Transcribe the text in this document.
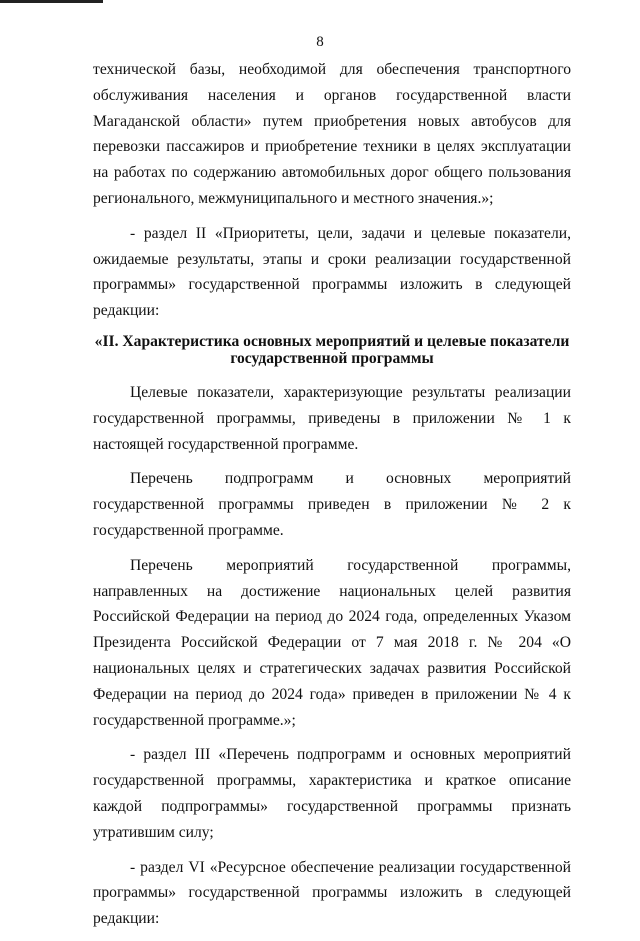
8

технической базы, необходимой для обеспечения транспортного обслуживания населения и органов государственной власти Магаданской области» путем приобретения новых автобусов для перевозки пассажиров и приобретение техники в целях эксплуатации на работах по содержанию автомобильных дорог общего пользования регионального, межмуниципального и местного значения.»;

- раздел II «Приоритеты, цели, задачи и целевые показатели, ожидаемые результаты, этапы и сроки реализации государственной программы» государственной программы изложить в следующей редакции:

«II. Характеристика основных мероприятий и целевые показатели государственной программы

Целевые показатели, характеризующие результаты реализации государственной программы, приведены в приложении № 1 к настоящей государственной программе.

Перечень подпрограмм и основных мероприятий государственной программы приведен в приложении № 2 к государственной программе.

Перечень мероприятий государственной программы, направленных на достижение национальных целей развития Российской Федерации на период до 2024 года, определенных Указом Президента Российской Федерации от 7 мая 2018 г. № 204 «О национальных целях и стратегических задачах развития Российской Федерации на период до 2024 года» приведен в приложении № 4 к государственной программе.»;

- раздел III «Перечень подпрограмм и основных мероприятий государственной программы, характеристика и краткое описание каждой подпрограммы» государственной программы признать утратившим силу;

- раздел VI «Ресурсное обеспечение реализации государственной программы» государственной программы изложить в следующей редакции:
